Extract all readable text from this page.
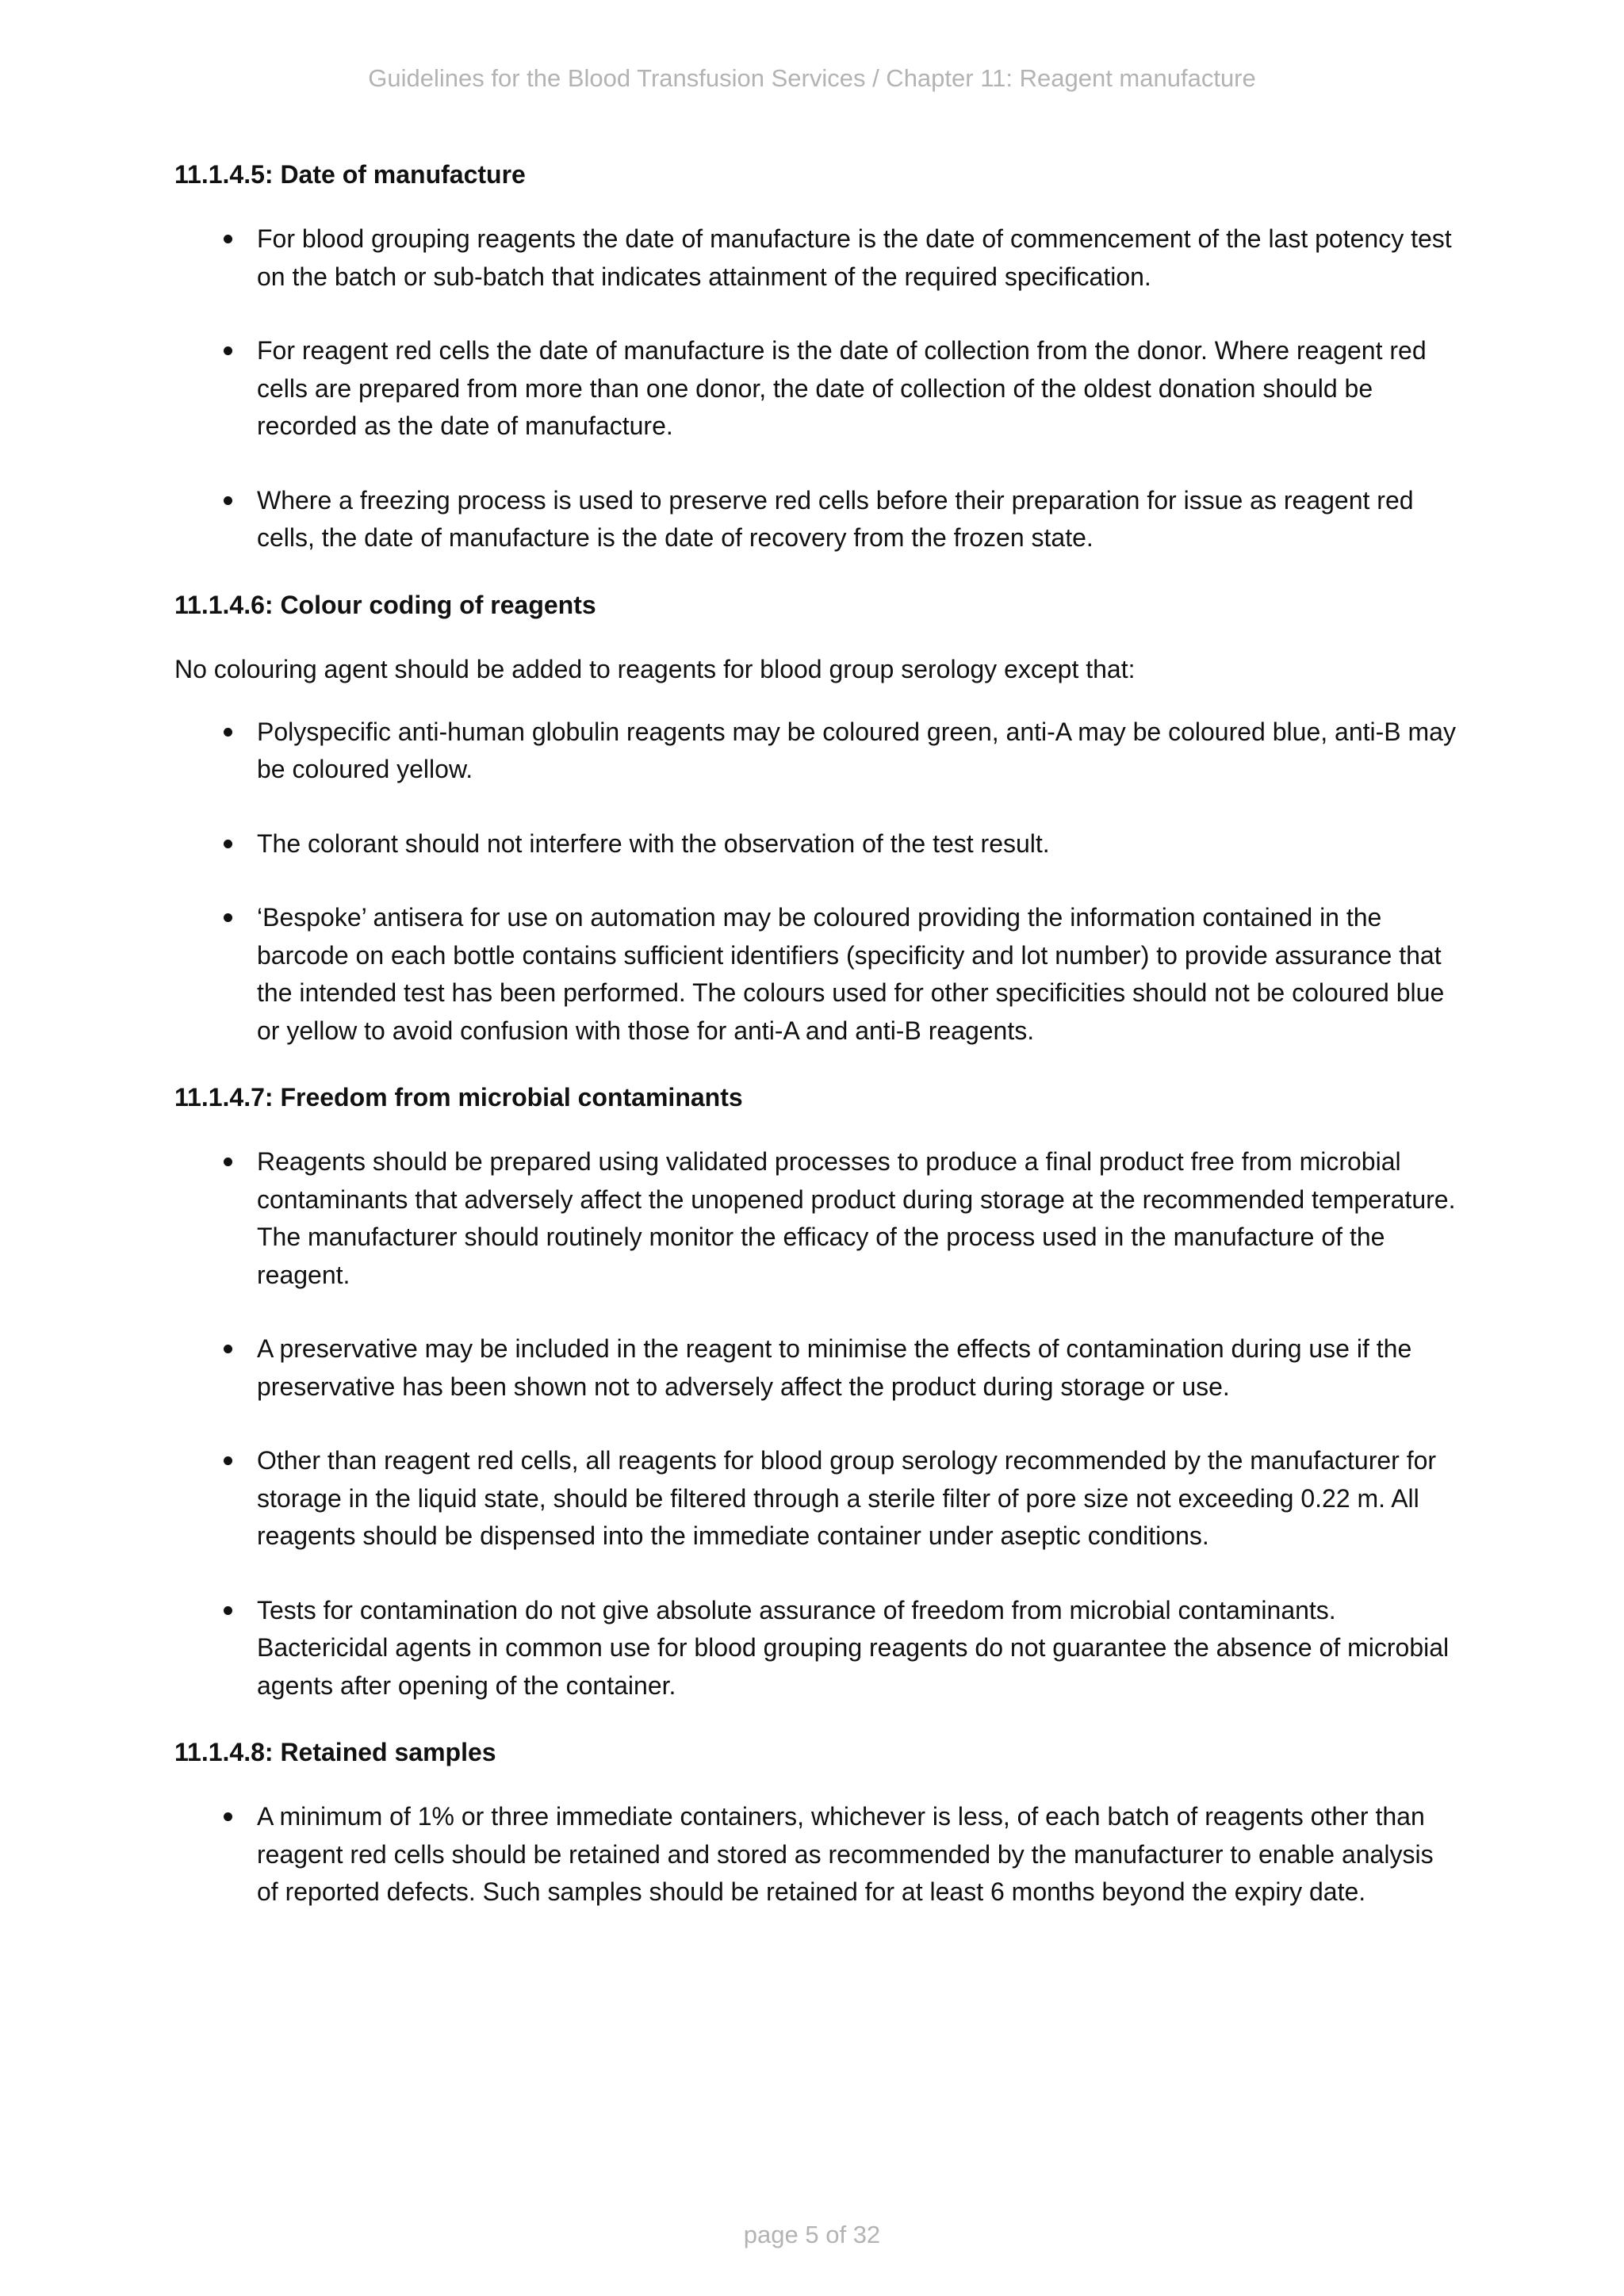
Guidelines for the Blood Transfusion Services / Chapter 11: Reagent manufacture
11.1.4.5: Date of manufacture
For blood grouping reagents the date of manufacture is the date of commencement of the last potency test on the batch or sub-batch that indicates attainment of the required specification.
For reagent red cells the date of manufacture is the date of collection from the donor. Where reagent red cells are prepared from more than one donor, the date of collection of the oldest donation should be recorded as the date of manufacture.
Where a freezing process is used to preserve red cells before their preparation for issue as reagent red cells, the date of manufacture is the date of recovery from the frozen state.
11.1.4.6: Colour coding of reagents

No colouring agent should be added to reagents for blood group serology except that:

Polyspecific anti-human globulin reagents may be coloured green, anti-A may be coloured blue, anti-B may be coloured yellow.
The colorant should not interfere with the observation of the test result.
‘Bespoke’ antisera for use on automation may be coloured providing the information contained in the barcode on each bottle contains sufficient identifiers (specificity and lot number) to provide assurance that the intended test has been performed. The colours used for other specificities should not be coloured blue or yellow to avoid confusion with those for anti-A and anti-B reagents.
11.1.4.7: Freedom from microbial contaminants
Reagents should be prepared using validated processes to produce a final product free from microbial contaminants that adversely affect the unopened product during storage at the recommended temperature. The manufacturer should routinely monitor the efficacy of the process used in the manufacture of the reagent.
A preservative may be included in the reagent to minimise the effects of contamination during use if the preservative has been shown not to adversely affect the product during storage or use.
Other than reagent red cells, all reagents for blood group serology recommended by the manufacturer for storage in the liquid state, should be filtered through a sterile filter of pore size not exceeding 0.22 m. All reagents should be dispensed into the immediate container under aseptic conditions.
Tests for contamination do not give absolute assurance of freedom from microbial contaminants. Bactericidal agents in common use for blood grouping reagents do not guarantee the absence of microbial agents after opening of the container.
11.1.4.8: Retained samples
A minimum of 1% or three immediate containers, whichever is less, of each batch of reagents other than reagent red cells should be retained and stored as recommended by the manufacturer to enable analysis of reported defects. Such samples should be retained for at least 6 months beyond the expiry date.
page 5 of 32
